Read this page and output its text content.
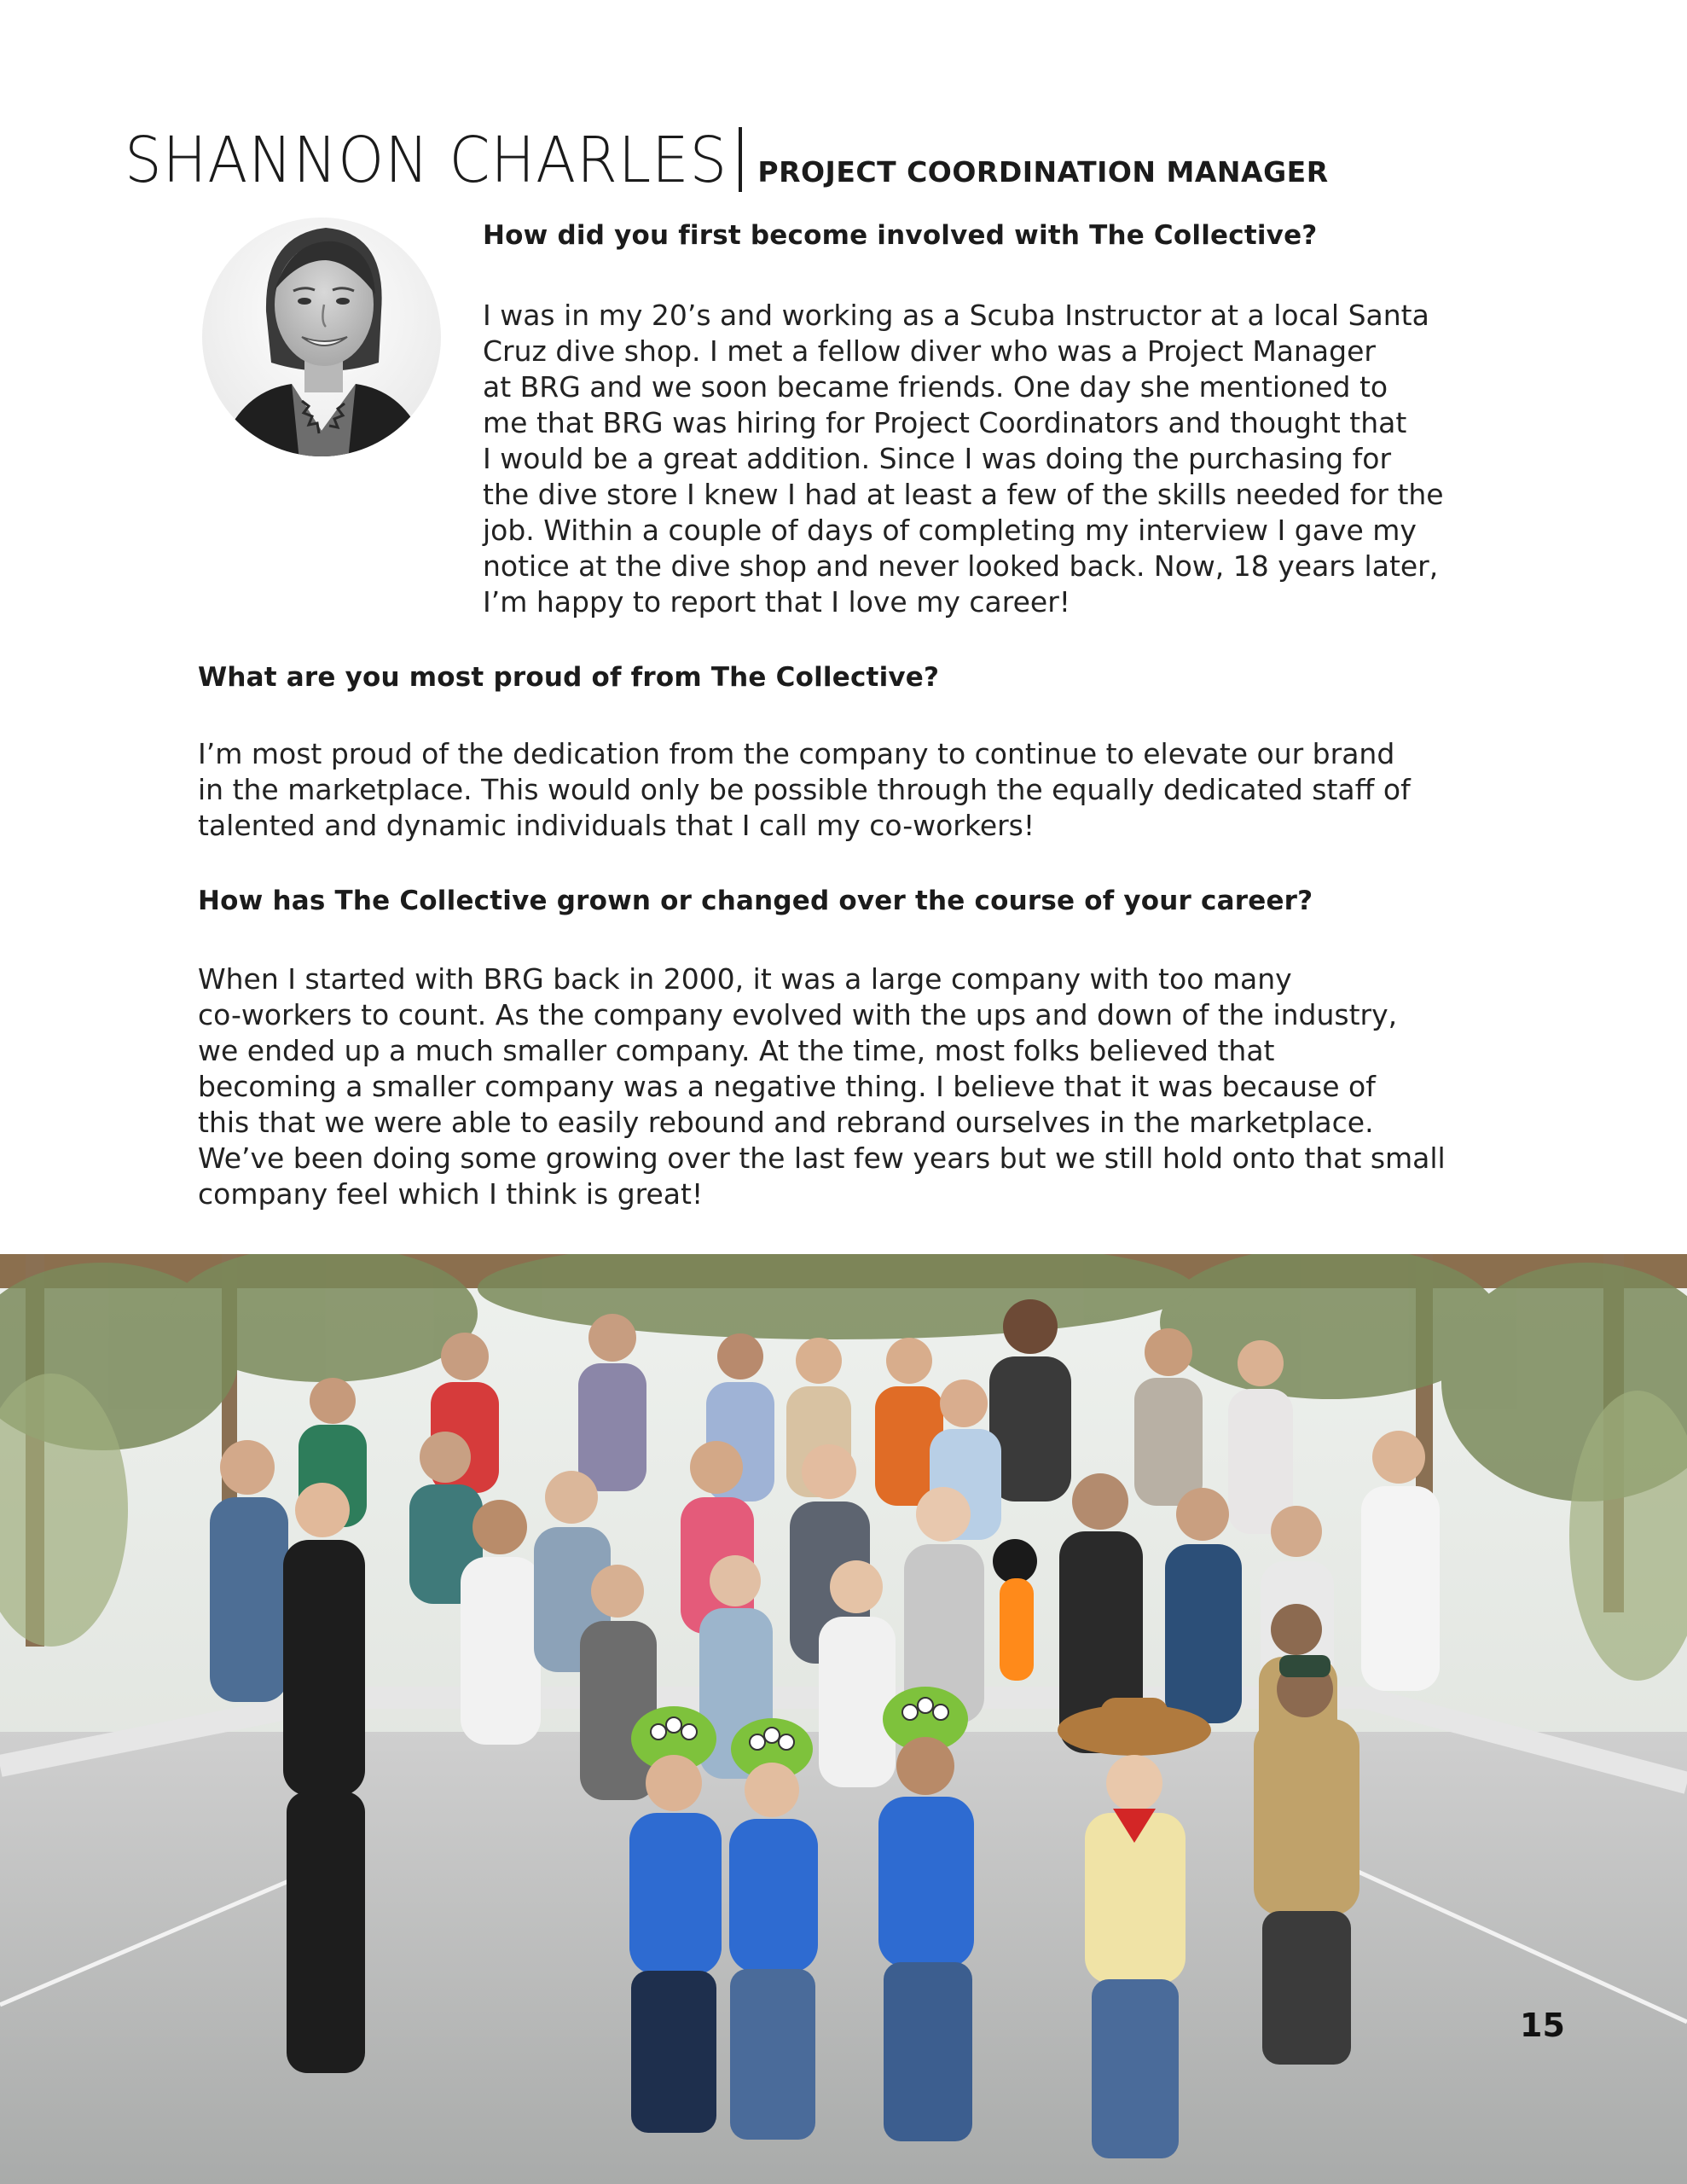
SHANNON CHARLES PROJECT COORDINATION MANAGER
How did you first become involved with The Collective?
I was in my 20’s and working as a Scuba Instructor at a local Santa
Cruz dive shop. I met a fellow diver who was a Project Manager
at BRG and we soon became friends. One day she mentioned to
me that BRG was hiring for Project Coordinators and thought that
I would be a great addition. Since I was doing the purchasing for
the dive store I knew I had at least a few of the skills needed for the
job. Within a couple of days of completing my interview I gave my
notice at the dive shop and never looked back. Now, 18 years later,
I’m happy to report that I love my career!
What are you most proud of from The Collective?
I’m most proud of the dedication from the company to continue to elevate our brand
in the marketplace. This would only be possible through the equally dedicated staff of
talented and dynamic individuals that I call my co-workers!
How has The Collective grown or changed over the course of your career?
When I started with BRG back in 2000, it was a large company with too many
co-workers to count. As the company evolved with the ups and down of the industry,
we ended up a much smaller company. At the time, most folks believed that
becoming a smaller company was a negative thing. I believe that it was because of
this that we were able to easily rebound and rebrand ourselves in the marketplace.
We’ve been doing some growing over the last few years but we still hold onto that small
company feel which I think is great!
15
